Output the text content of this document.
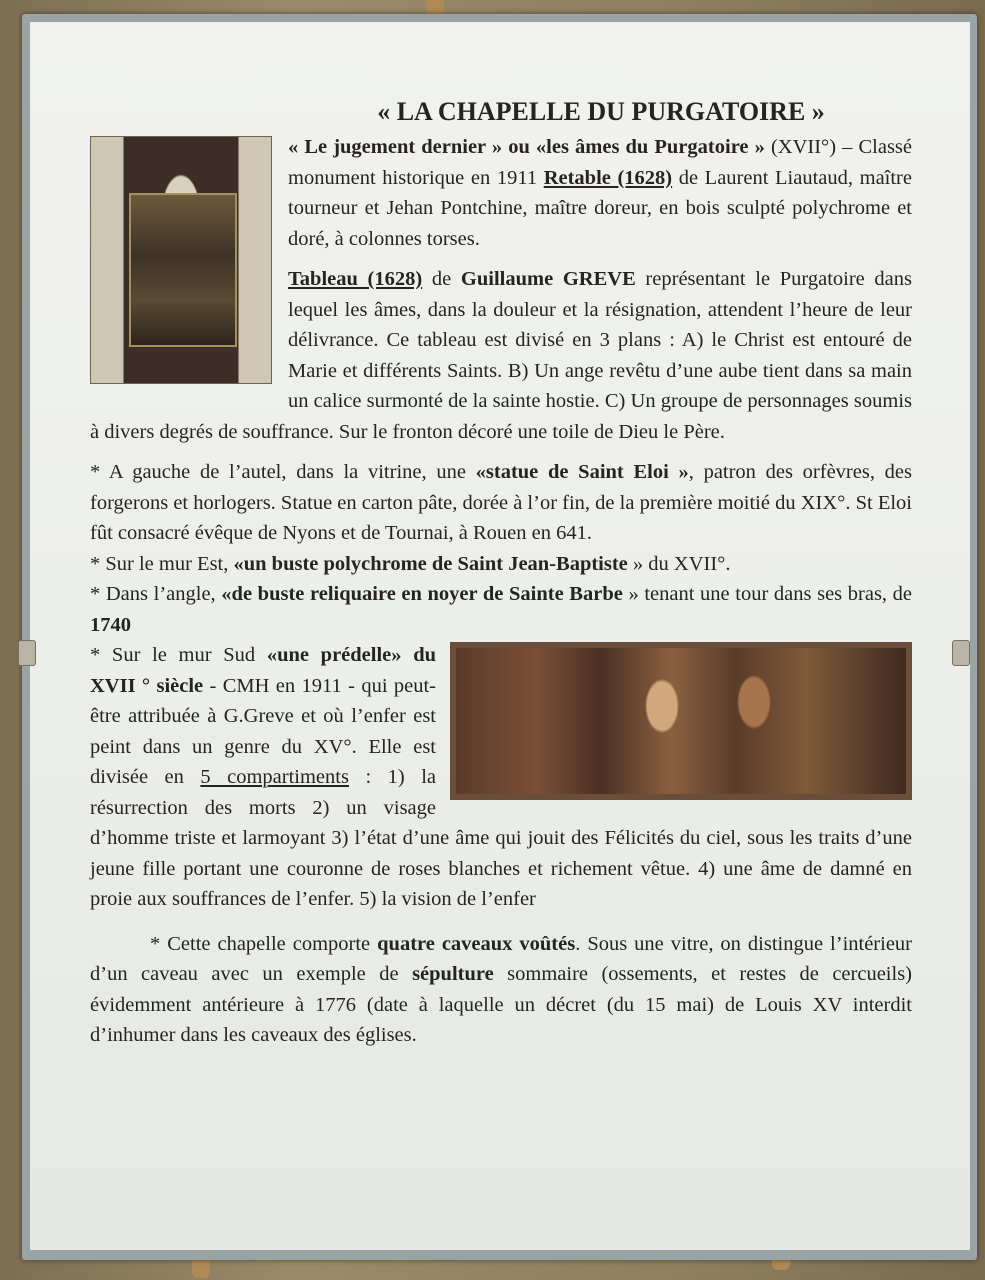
« LA CHAPELLE DU PURGATOIRE »

« Le jugement dernier » ou «les âmes du Purgatoire » (XVII°) – Classé monument historique en 1911 Retable (1628) de Laurent Liautaud, maître tourneur et Jehan Pontchine, maître doreur, en bois sculpté polychrome et doré, à colonnes torses.

Tableau (1628) de Guillaume GREVE représentant le Purgatoire dans lequel les âmes, dans la douleur et la résignation, attendent l’heure de leur délivrance. Ce tableau est divisé en 3 plans : A) le Christ est entouré de Marie et différents Saints. B) Un ange revêtu d’une aube tient dans sa main un calice surmonté de la sainte hostie. C) Un groupe de personnages soumis à divers degrés de souffrance. Sur le fronton décoré une toile de Dieu le Père.

* A gauche de l’autel, dans la vitrine, une «statue de Saint Eloi », patron des orfèvres, des forgerons et horlogers. Statue en carton pâte, dorée à l’or fin, de la première moitié du XIX°. St Eloi fût consacré évêque de Nyons et de Tournai, à Rouen en 641.

* Sur le mur Est, «un buste polychrome de Saint Jean-Baptiste » du XVII°.

* Dans l’angle, «de buste reliquaire en noyer de Sainte Barbe » tenant une tour dans ses bras, de 1740

* Sur le mur Sud «une prédelle» du XVII ° siècle - CMH en 1911 - qui peut-être attribuée à G.Greve et où l’enfer est peint dans un genre du XV°. Elle est divisée en 5 compartiments : 1) la résurrection des morts 2) un visage d’homme triste et larmoyant 3) l’état d’une âme qui jouit des Félicités du ciel, sous les traits d’une jeune fille portant une couronne de roses blanches et richement vêtue. 4) une âme de damné en proie aux souffrances de l’enfer. 5) la vision de l’enfer

* Cette chapelle comporte quatre caveaux voûtés. Sous une vitre, on distingue l’intérieur d’un caveau avec un exemple de sépulture sommaire (ossements, et restes de cercueils) évidemment antérieure à 1776 (date à laquelle un décret (du 15 mai) de Louis XV interdit d’inhumer dans les caveaux des églises.
